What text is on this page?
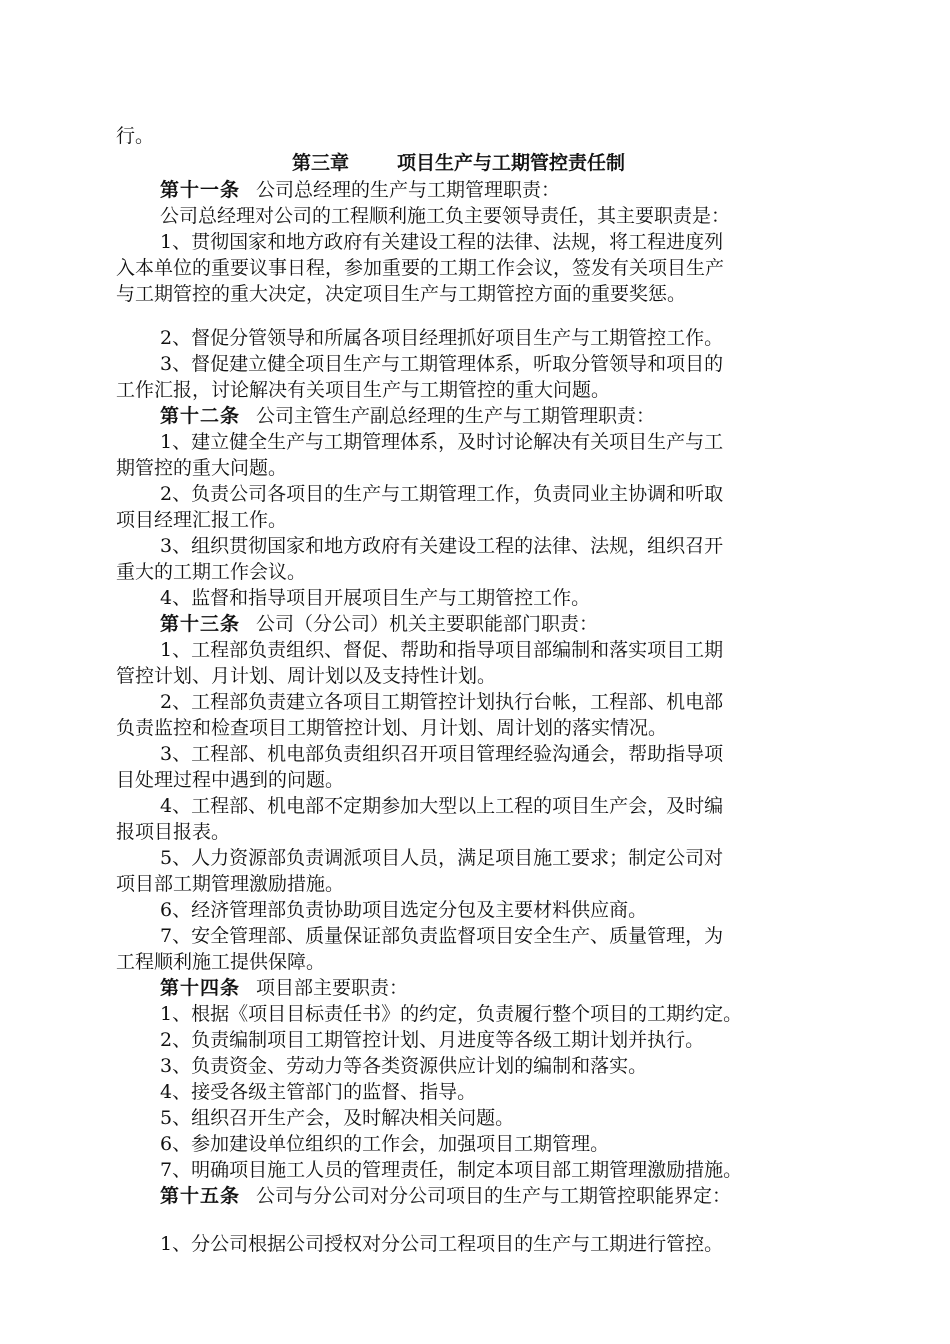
行。
第三章	项目生产与工期管控责任制
第十一条 公司总经理的生产与工期管理职责：
公司总经理对公司的工程顺利施工负主要领导责任，其主要职责是：
1、贯彻国家和地方政府有关建设工程的法律、法规，将工程进度列
入本单位的重要议事日程，参加重要的工期工作会议，签发有关项目生产
与工期管控的重大决定，决定项目生产与工期管控方面的重要奖惩。
2、督促分管领导和所属各项目经理抓好项目生产与工期管控工作。
3、督促建立健全项目生产与工期管理体系，听取分管领导和项目的
工作汇报，讨论解决有关项目生产与工期管控的重大问题。
第十二条 公司主管生产副总经理的生产与工期管理职责：
1、建立健全生产与工期管理体系，及时讨论解决有关项目生产与工
期管控的重大问题。
2、负责公司各项目的生产与工期管理工作，负责同业主协调和听取
项目经理汇报工作。
3、组织贯彻国家和地方政府有关建设工程的法律、法规，组织召开
重大的工期工作会议。
4、监督和指导项目开展项目生产与工期管控工作。
第十三条 公司（分公司）机关主要职能部门职责：
1、工程部负责组织、督促、帮助和指导项目部编制和落实项目工期
管控计划、月计划、周计划以及支持性计划。
2、工程部负责建立各项目工期管控计划执行台帐，工程部、机电部
负责监控和检查项目工期管控计划、月计划、周计划的落实情况。
3、工程部、机电部负责组织召开项目管理经验沟通会，帮助指导项
目处理过程中遇到的问题。
4、工程部、机电部不定期参加大型以上工程的项目生产会，及时编
报项目报表。
5、人力资源部负责调派项目人员，满足项目施工要求；制定公司对
项目部工期管理激励措施。
6、经济管理部负责协助项目选定分包及主要材料供应商。
7、安全管理部、质量保证部负责监督项目安全生产、质量管理，为
工程顺利施工提供保障。
第十四条 项目部主要职责：
1、根据《项目目标责任书》的约定，负责履行整个项目的工期约定。
2、负责编制项目工期管控计划、月进度等各级工期计划并执行。
3、负责资金、劳动力等各类资源供应计划的编制和落实。
4、接受各级主管部门的监督、指导。
5、组织召开生产会，及时解决相关问题。
6、参加建设单位组织的工作会，加强项目工期管理。
7、明确项目施工人员的管理责任，制定本项目部工期管理激励措施。
第十五条 公司与分公司对分公司项目的生产与工期管控职能界定：
1、分公司根据公司授权对分公司工程项目的生产与工期进行管控。
